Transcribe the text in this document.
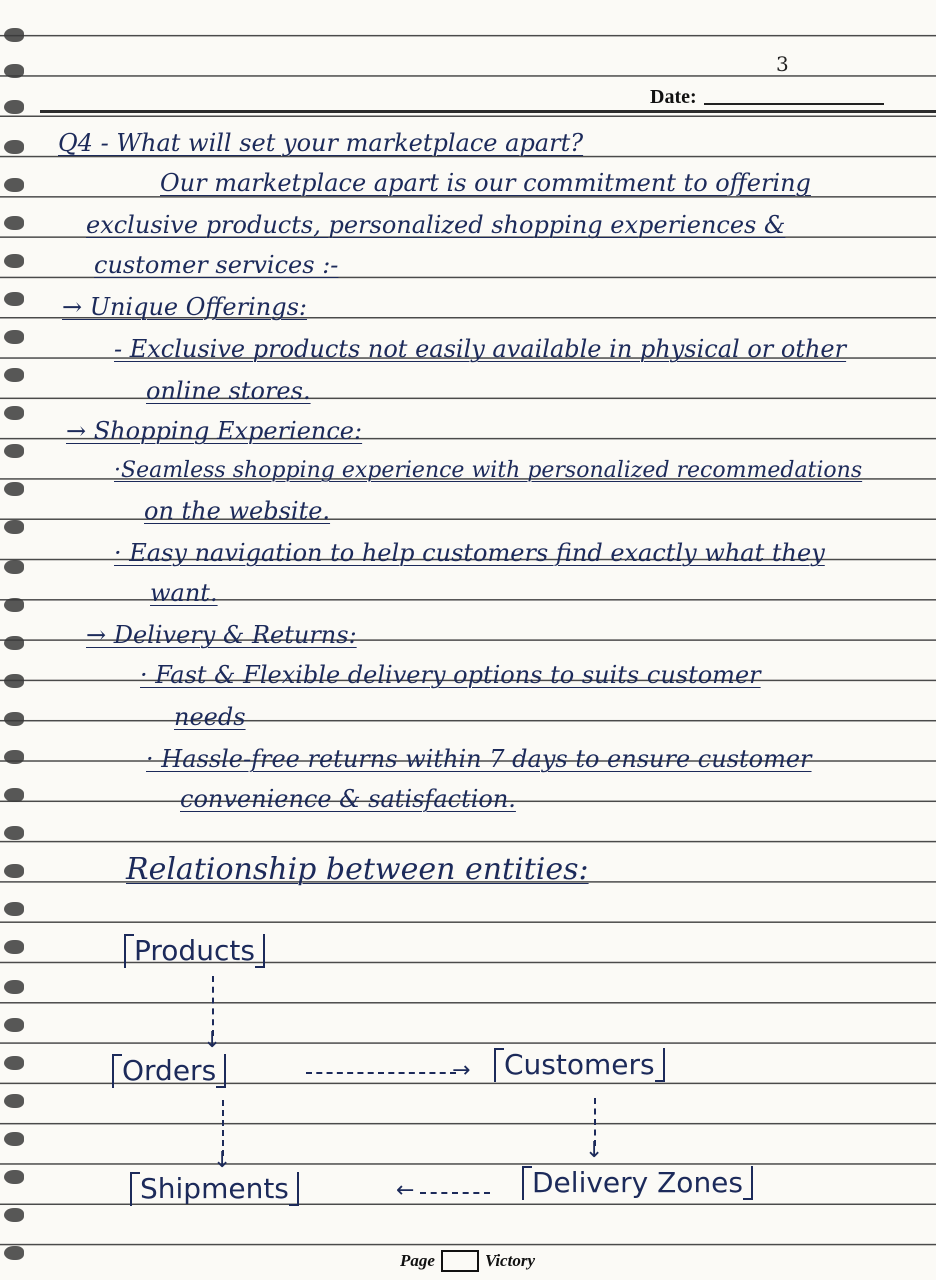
3
Date:
Q4 - What will set your marketplace apart?
Our marketplace apart is our commitment to offering
exclusive products, personalized shopping experiences &
customer services :-
→ Unique Offerings:
- Exclusive products not easily available in physical or other
online stores.
→ Shopping Experience:
·Seamless shopping experience with personalized recommedations
on the website.
· Easy navigation to help customers find exactly what they
want.
→ Delivery & Returns:
· Fast & Flexible delivery options to suits customer
needs
· Hassle-free returns within 7 days to ensure customer
convenience & satisfaction.
Relationship between entities:
Products
↓
Orders	→	Customers
↓	↓
Shipments	←	Delivery Zones
Page	Victory
